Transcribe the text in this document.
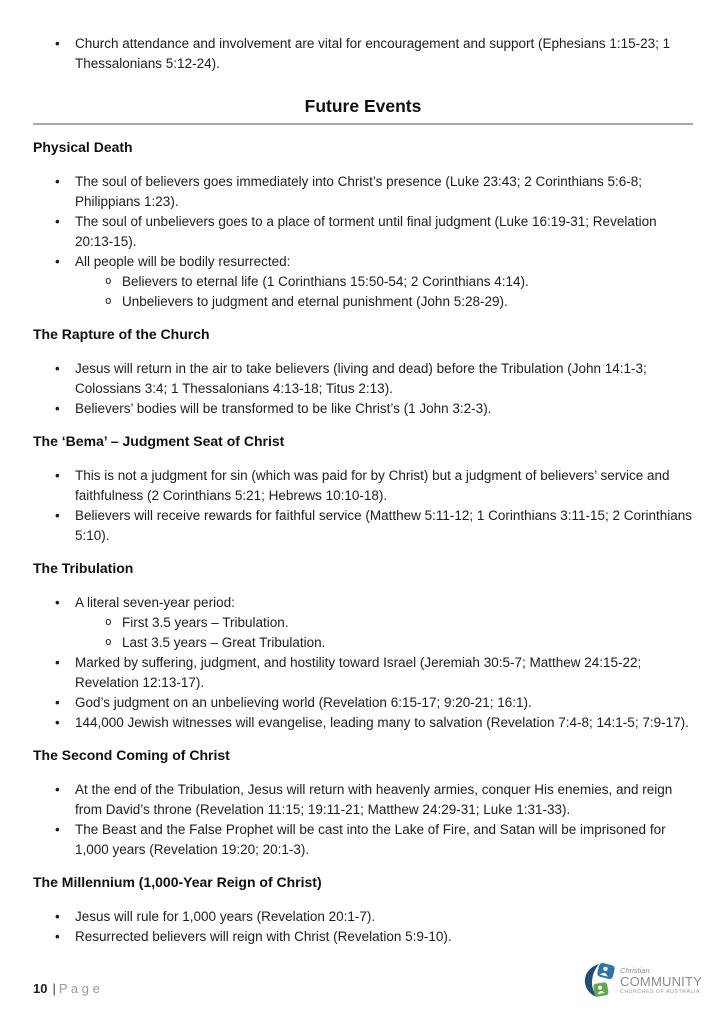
• Church attendance and involvement are vital for encouragement and support (Ephesians 1:15-23; 1 Thessalonians 5:12-24).
Future Events
Physical Death
• The soul of believers goes immediately into Christ’s presence (Luke 23:43; 2 Corinthians 5:6-8; Philippians 1:23).
• The soul of unbelievers goes to a place of torment until final judgment (Luke 16:19-31; Revelation 20:13-15).
• All people will be bodily resurrected:
o Believers to eternal life (1 Corinthians 15:50-54; 2 Corinthians 4:14).
o Unbelievers to judgment and eternal punishment (John 5:28-29).
The Rapture of the Church
• Jesus will return in the air to take believers (living and dead) before the Tribulation (John 14:1-3; Colossians 3:4; 1 Thessalonians 4:13-18; Titus 2:13).
• Believers’ bodies will be transformed to be like Christ’s (1 John 3:2-3).
The ‘Bema’ – Judgment Seat of Christ
• This is not a judgment for sin (which was paid for by Christ) but a judgment of believers’ service and faithfulness (2 Corinthians 5:21; Hebrews 10:10-18).
• Believers will receive rewards for faithful service (Matthew 5:11-12; 1 Corinthians 3:11-15; 2 Corinthians 5:10).
The Tribulation
• A literal seven-year period:
o First 3.5 years – Tribulation.
o Last 3.5 years – Great Tribulation.
• Marked by suffering, judgment, and hostility toward Israel (Jeremiah 30:5-7; Matthew 24:15-22; Revelation 12:13-17).
• God’s judgment on an unbelieving world (Revelation 6:15-17; 9:20-21; 16:1).
• 144,000 Jewish witnesses will evangelise, leading many to salvation (Revelation 7:4-8; 14:1-5; 7:9-17).
The Second Coming of Christ
• At the end of the Tribulation, Jesus will return with heavenly armies, conquer His enemies, and reign from David’s throne (Revelation 11:15; 19:11-21; Matthew 24:29-31; Luke 1:31-33).
• The Beast and the False Prophet will be cast into the Lake of Fire, and Satan will be imprisoned for 1,000 years (Revelation 19:20; 20:1-3).
The Millennium (1,000-Year Reign of Christ)
• Jesus will rule for 1,000 years (Revelation 20:1-7).
• Resurrected believers will reign with Christ (Revelation 5:9-10).
10 | P a g e
Christian
COMMUNITY
CHURCHES OF AUSTRALIA
